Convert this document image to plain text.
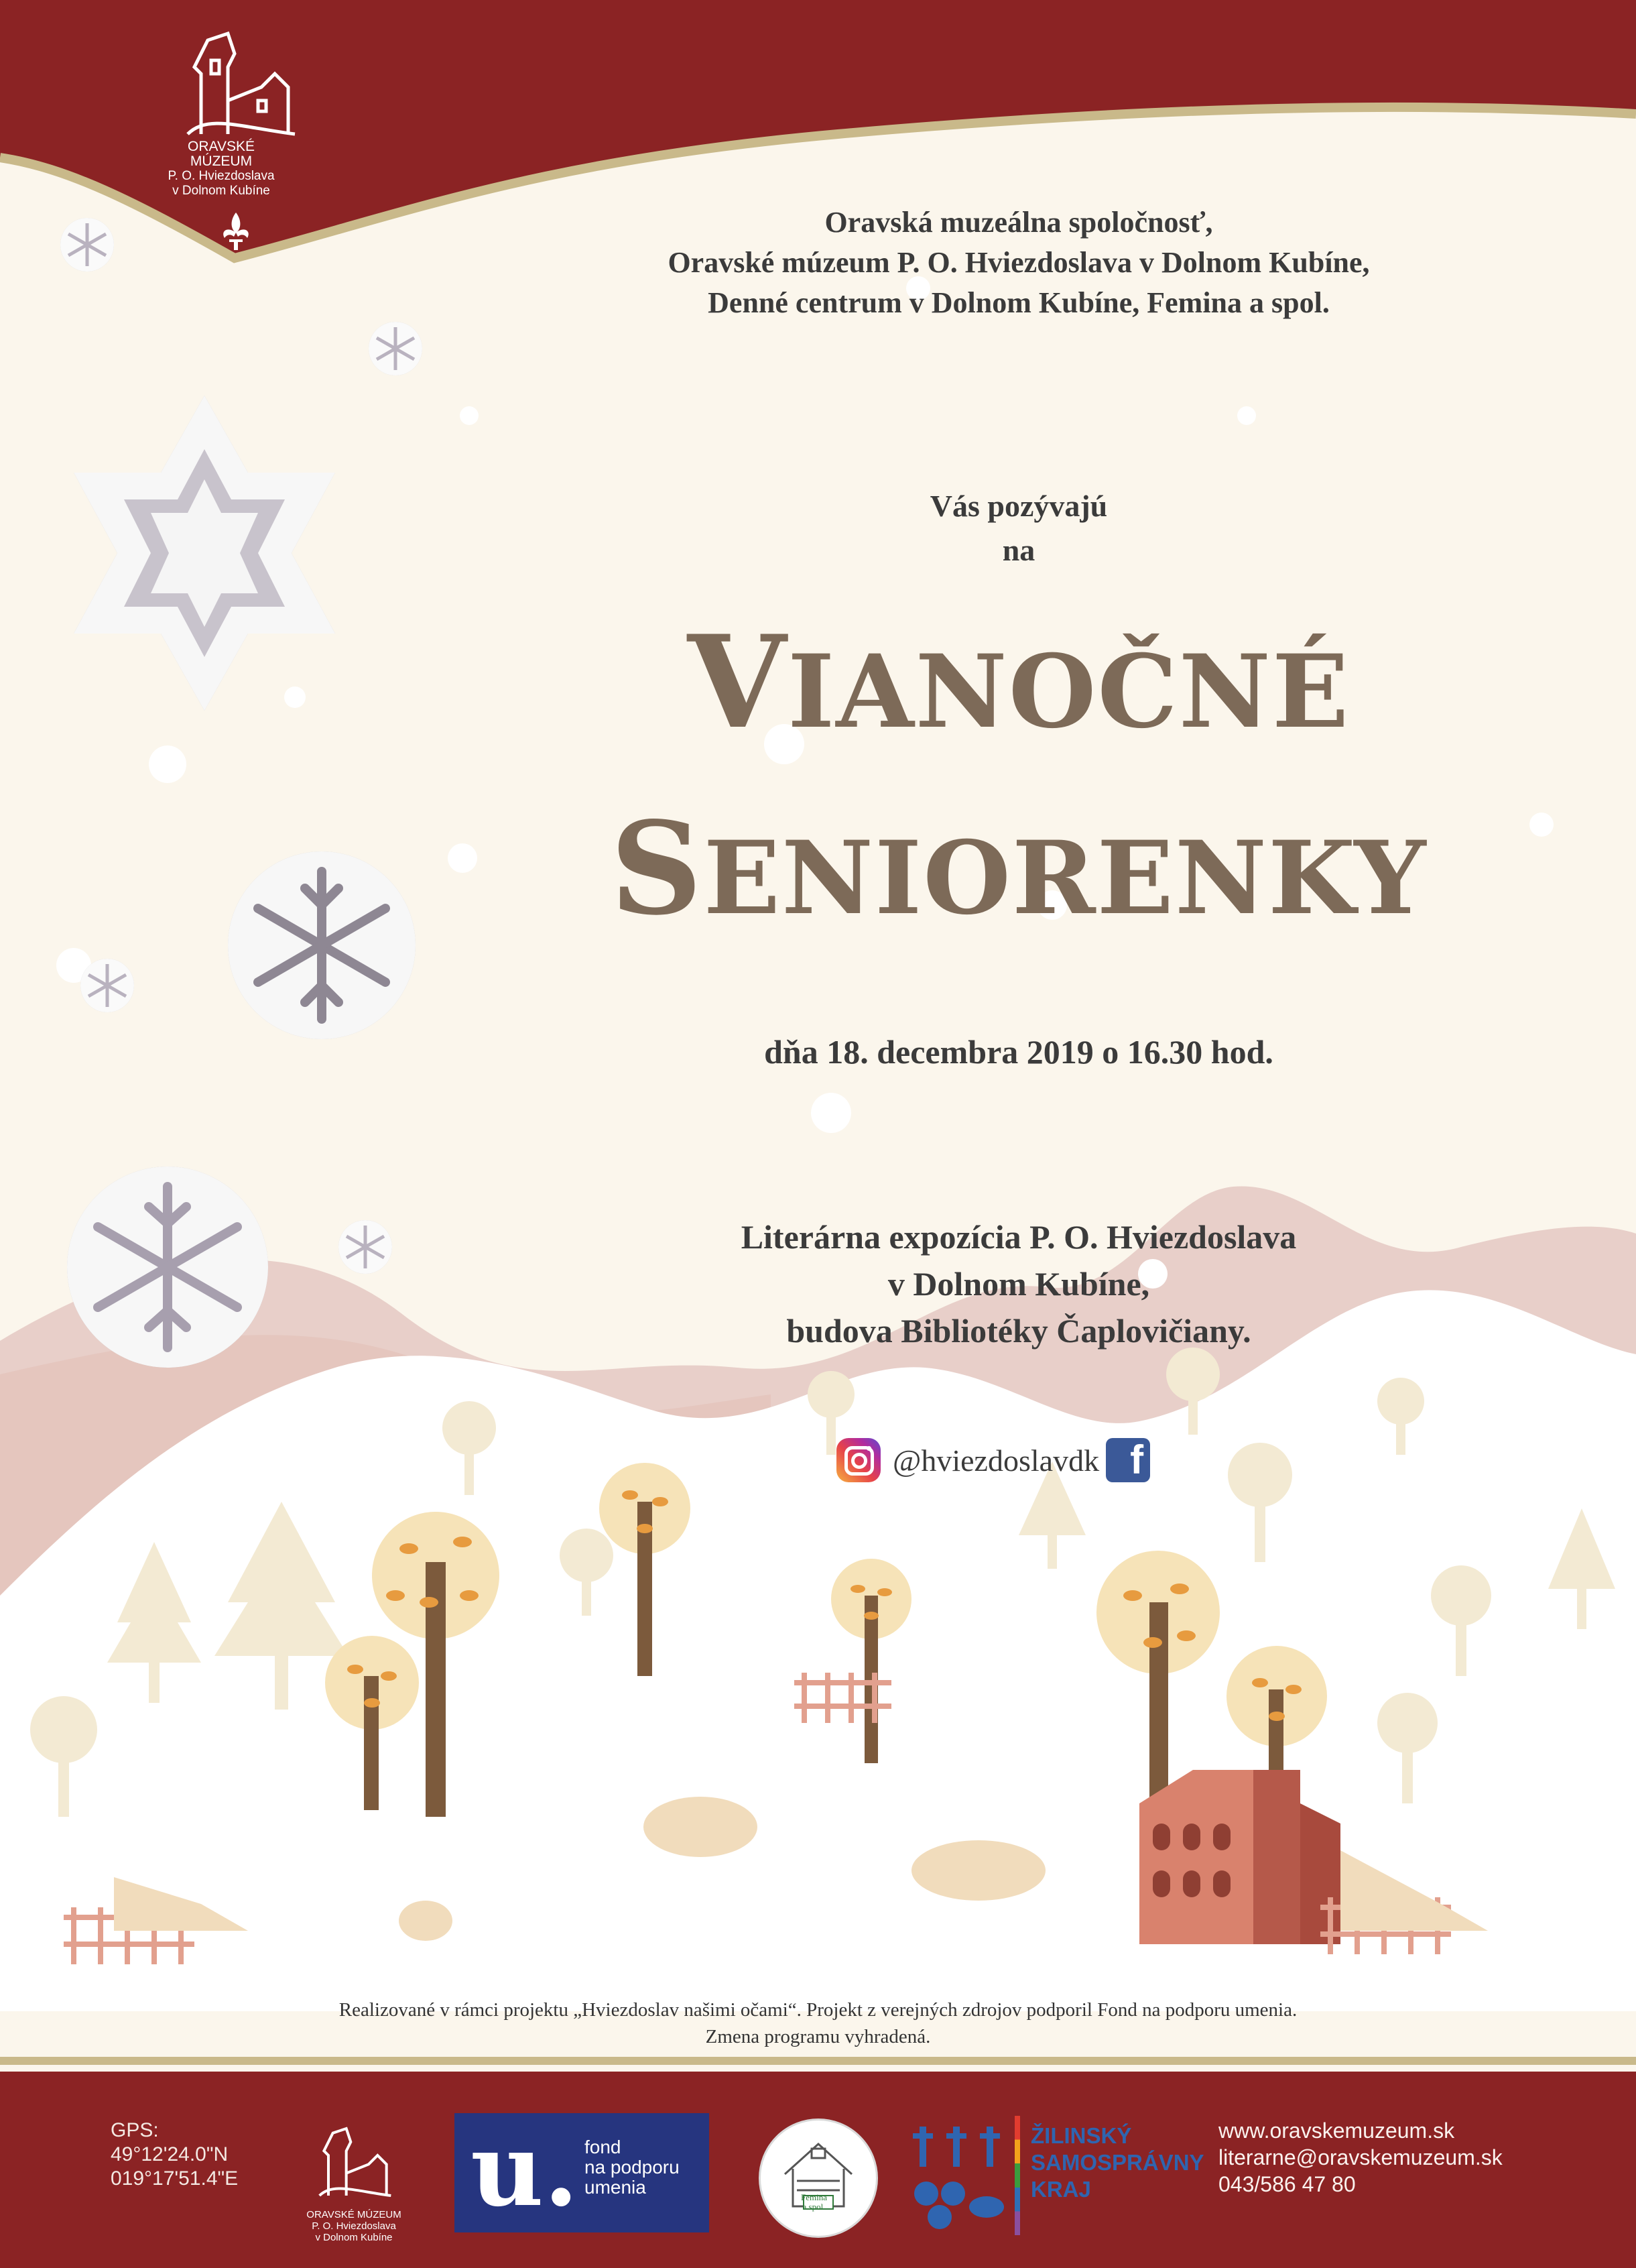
ORAVSKÉ MÚZEUM
P. O. Hviezdoslava
v Dolnom Kubíne
Oravská muzeálna spoločnosť,
Oravské múzeum P. O. Hviezdoslava v Dolnom Kubíne,
Denné centrum v Dolnom Kubíne, Femina a spol.
Vás pozývajú
na
VIANOČNÉ
SENIORENKY
dňa 18. decembra 2019 o 16.30 hod.
Literárna expozícia P. O. Hviezdoslava
v Dolnom Kubíne,
budova Bibliotéky Čaplovičiany.
@hviezdoslavdk f
Realizované v rámci projektu „Hviezdoslav našimi očami“. Projekt z verejných zdrojov podporil Fond na podporu umenia.
Zmena programu vyhradená.
GPS:
49°12'24.0"N
019°17'51.4"E
ORAVSKÉ MÚZEUM
P. O. Hviezdoslava
v Dolnom Kubíne
u. fond
na podporu
umenia	Femina
a spol.
ŽILINSKÝ
SAMOSPRÁVNY
KRAJ
www.oravskemuzeum.sk
literarne@oravskemuzeum.sk
043/586 47 80
